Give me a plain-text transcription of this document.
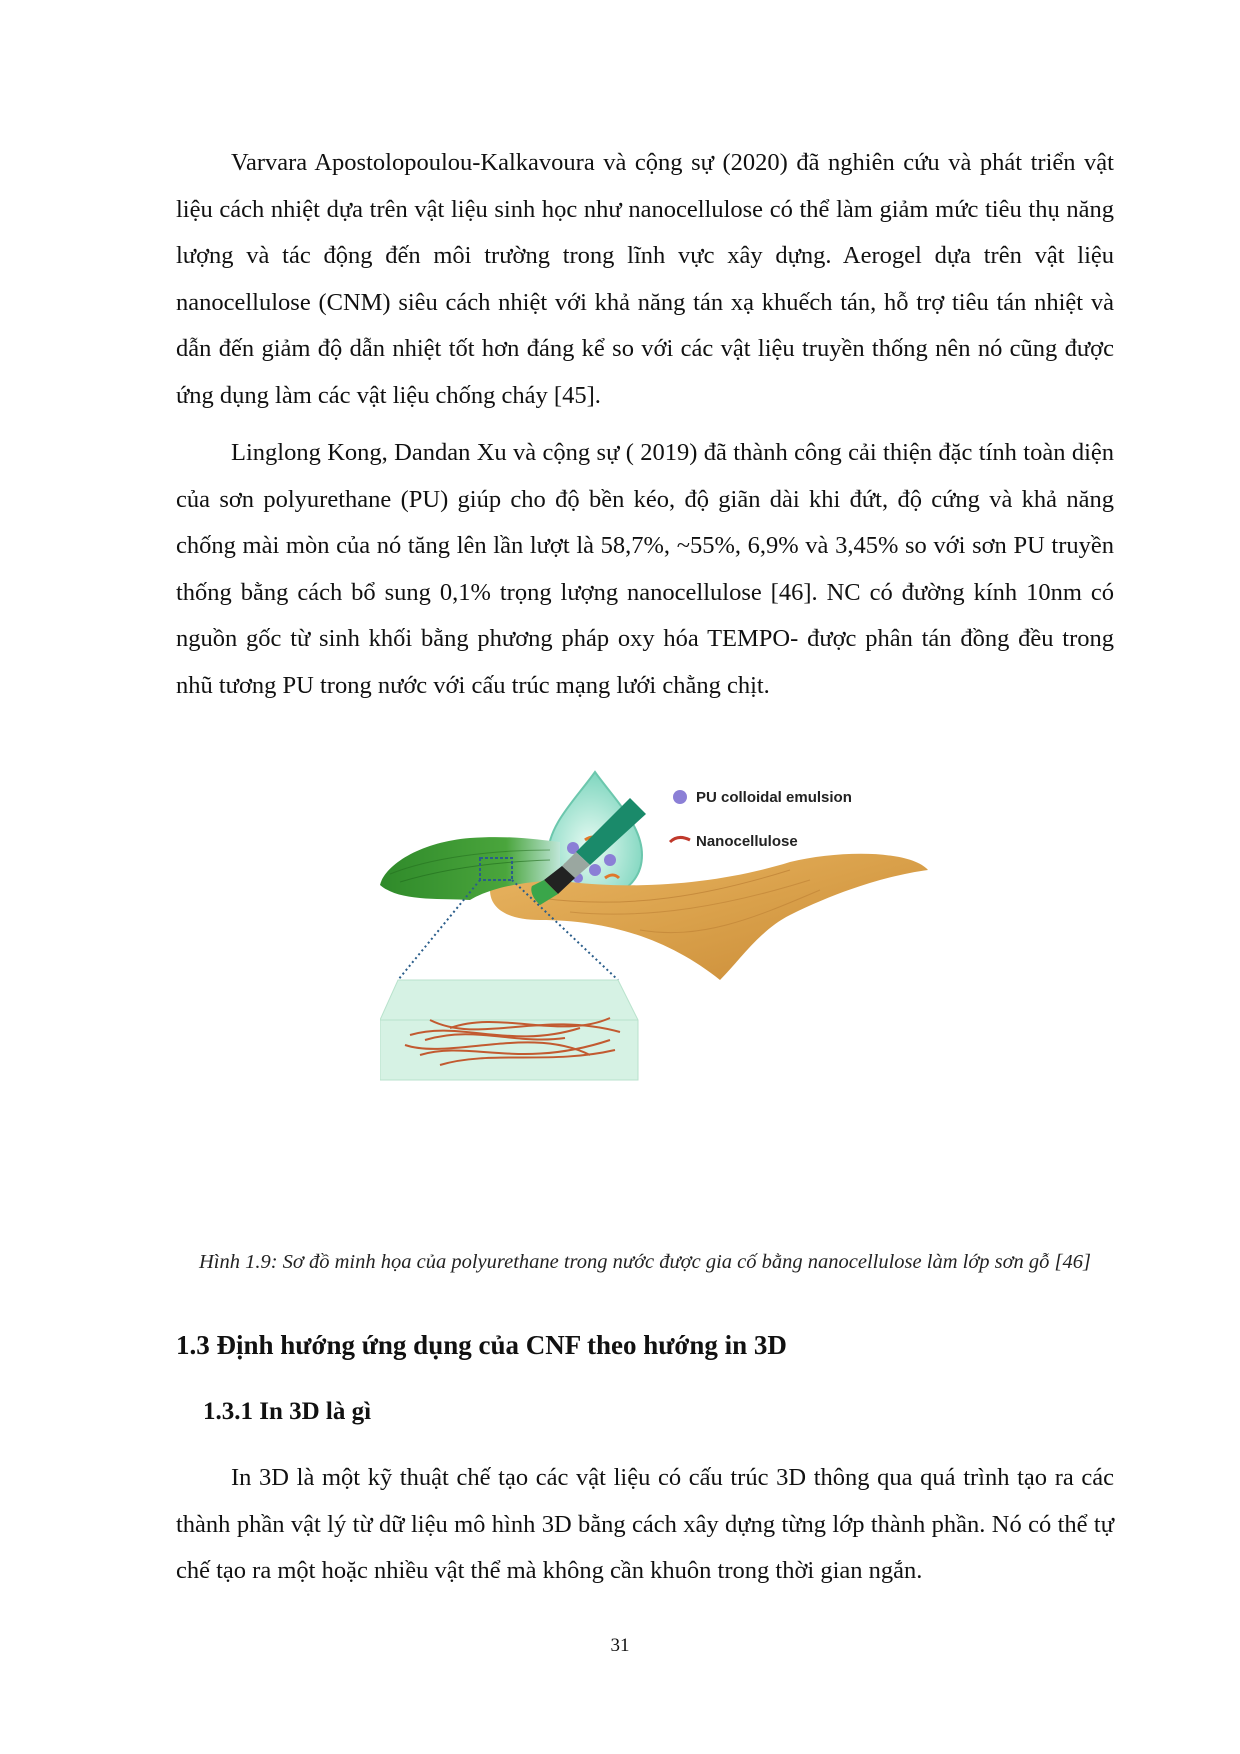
Varvara Apostolopoulou-Kalkavoura và cộng sự (2020) đã nghiên cứu và phát triển vật liệu cách nhiệt dựa trên vật liệu sinh học như nanocellulose có thể làm giảm mức tiêu thụ năng lượng và tác động đến môi trường trong lĩnh vực xây dựng. Aerogel dựa trên vật liệu nanocellulose (CNM) siêu cách nhiệt với khả năng tán xạ khuếch tán, hỗ trợ tiêu tán nhiệt và dẫn đến giảm độ dẫn nhiệt tốt hơn đáng kể so với các vật liệu truyền thống nên nó cũng được ứng dụng làm các vật liệu chống cháy [45].

Linglong Kong, Dandan Xu và cộng sự ( 2019) đã thành công cải thiện đặc tính toàn diện của sơn polyurethane (PU) giúp cho độ bền kéo, độ giãn dài khi đứt, độ cứng và khả năng chống mài mòn của nó tăng lên lần lượt là 58,7%, ~55%, 6,9% và 3,45% so với sơn PU truyền thống bằng cách bổ sung 0,1% trọng lượng nanocellulose [46]. NC có đường kính 10nm có nguồn gốc từ sinh khối bằng phương pháp oxy hóa TEMPO- được phân tán đồng đều trong nhũ tương PU trong nước với cấu trúc mạng lưới chằng chịt.

PU colloidal emulsion
Nanocellulose

Hình 1.9: Sơ đồ minh họa của polyurethane trong nước được gia cố bằng nanocellulose làm lớp sơn gỗ [46]

1.3 Định hướng ứng dụng của CNF theo hướng in 3D
1.3.1 In 3D là gì

In 3D là một kỹ thuật chế tạo các vật liệu có cấu trúc 3D thông qua quá trình tạo ra các thành phần vật lý từ dữ liệu mô hình 3D bằng cách xây dựng từng lớp thành phần. Nó có thể tự chế tạo ra một hoặc nhiều vật thể mà không cần khuôn trong thời gian ngắn.

31
